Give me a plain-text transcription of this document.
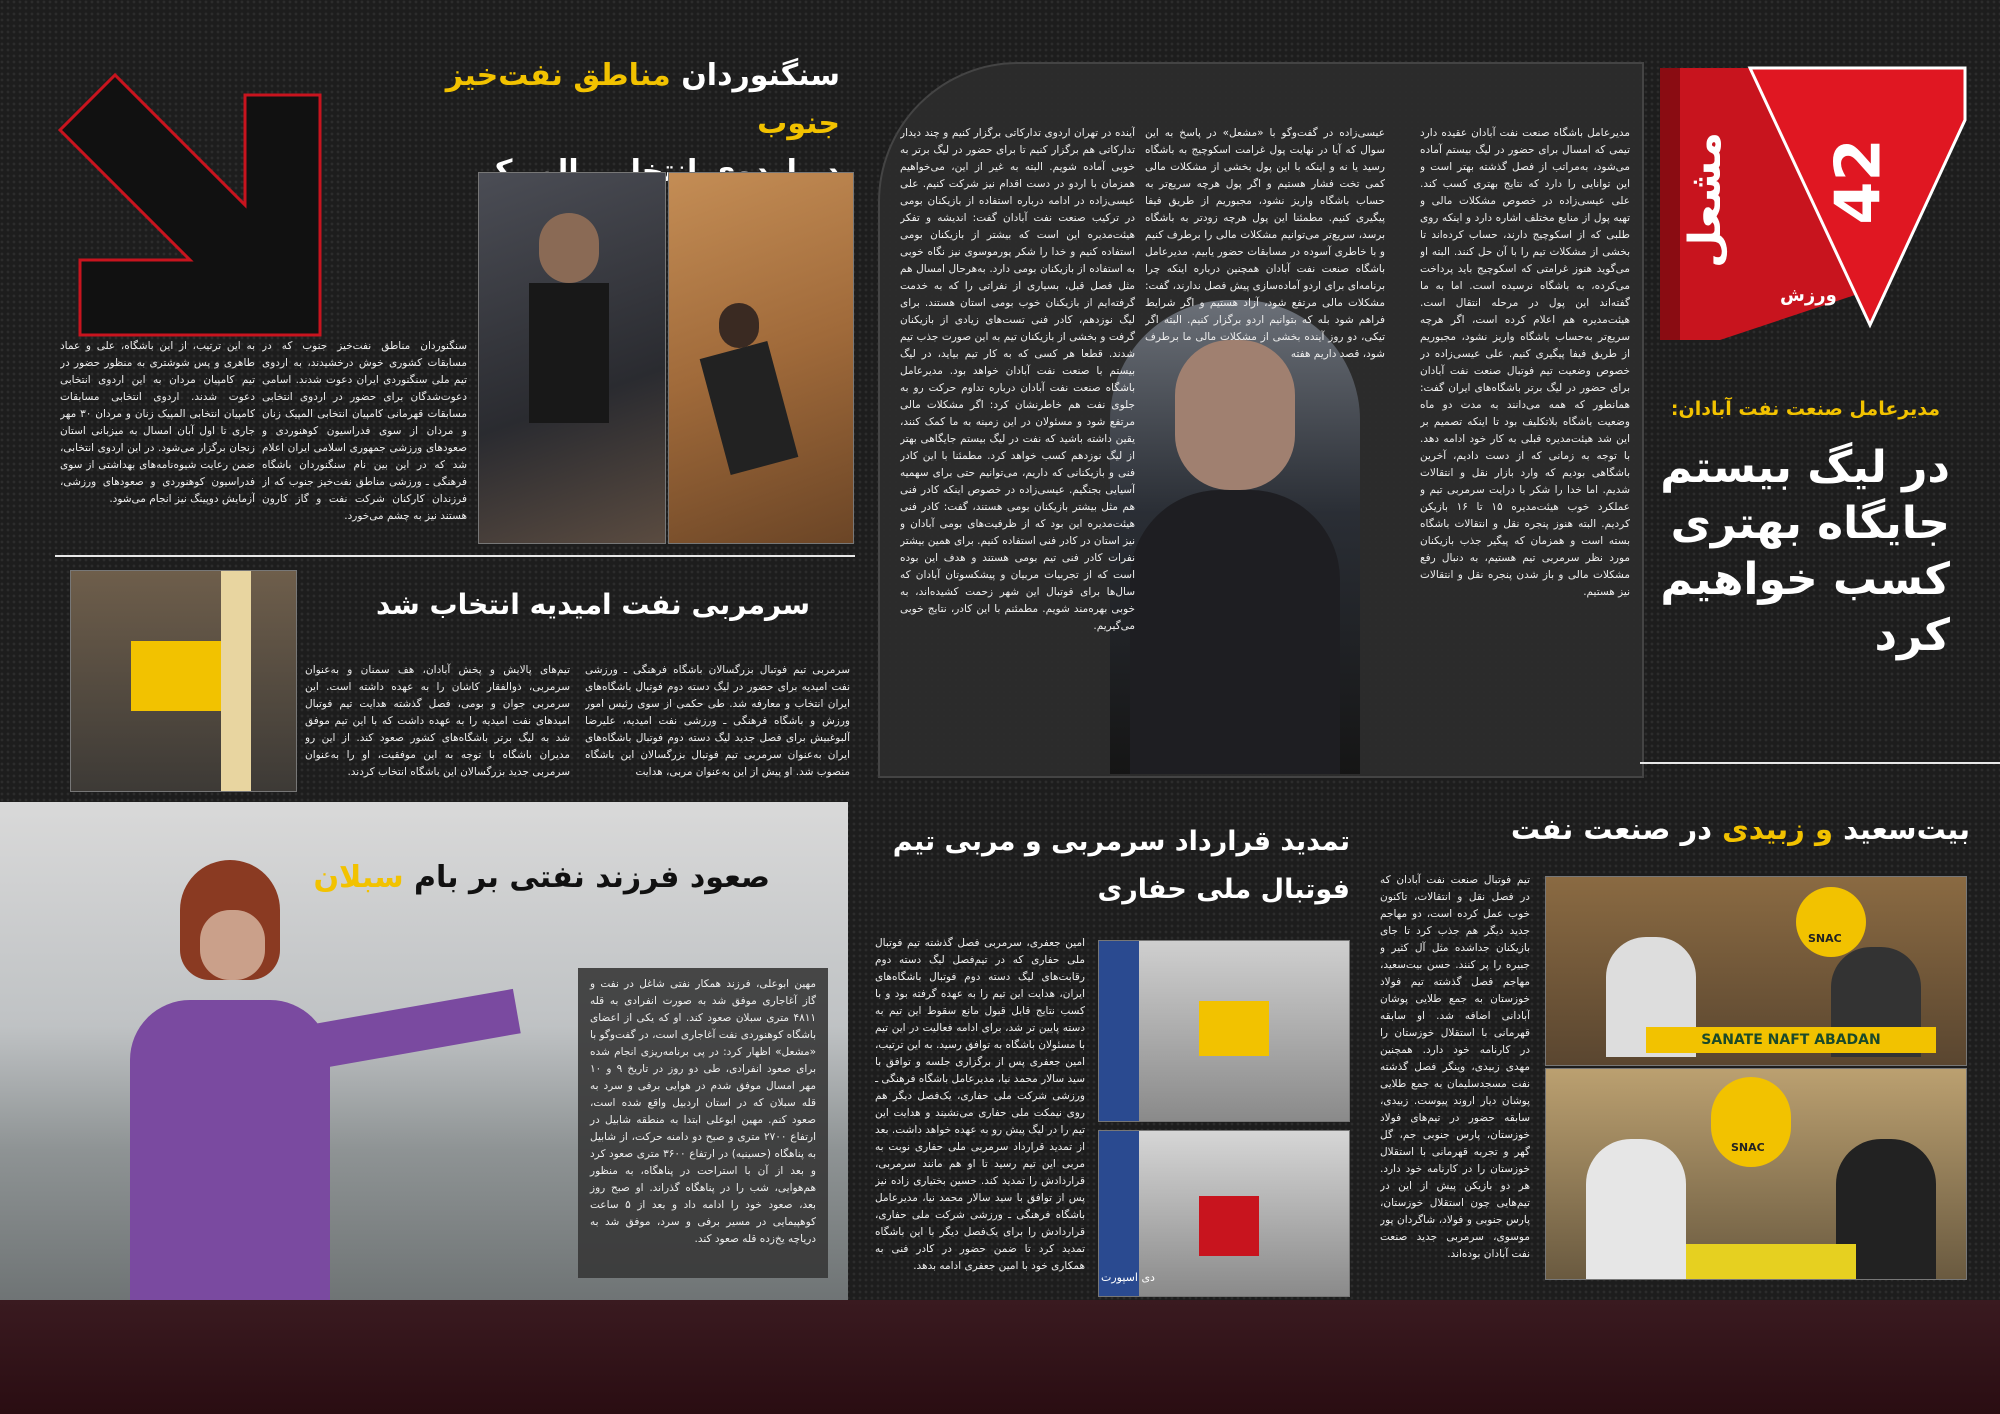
مشعل	42
ورزش
مدیرعامل باشگاه صنعت نفت آبادان عقیده دارد تیمی که امسال برای حضور در لیگ بیستم آماده می‌شود، به‌مراتب از فصل گذشته بهتر است و این توانایی را دارد که نتایج بهتری کسب کند. علی عیسی‌زاده در خصوص مشکلات مالی و تهیه پول از منابع مختلف اشاره دارد و اینکه روی طلبی که از اسکوچیج دارند، حساب کرده‌اند تا بخشی از مشکلات تیم را با آن حل کنند. البته او می‌گوید هنوز غرامتی که اسکوچیج باید پرداخت می‌کرده، به باشگاه نرسیده است. اما به ما گفته‌اند این پول در مرحله انتقال است. هیئت‌مدیره هم اعلام کرده است، اگر هرچه سریع‌تر به‌حساب باشگاه واریز نشود، مجبوریم از طریق فیفا پیگیری کنیم. علی عیسی‌زاده در خصوص وضعیت تیم فوتبال صنعت نفت آبادان برای حضور در لیگ برتر باشگاه‌های ایران گفت: همانطور که همه می‌دانند به مدت دو ماه وضعیت باشگاه بلاتکلیف بود تا اینکه تصمیم بر این شد هیئت‌مدیره قبلی به کار خود ادامه دهد. با توجه به زمانی که از دست دادیم، آخرین باشگاهی بودیم که وارد بازار نقل و انتقالات شدیم. اما خدا را شکر با درایت سرمربی تیم و عملکرد خوب هیئت‌مدیره ۱۵ تا ۱۶ بازیکن کردیم. البته هنوز پنجره نقل و انتقالات باشگاه بسته است و همزمان که پیگیر جذب بازیکنان مورد نظر سرمربی تیم هستیم، به دنبال رفع مشکلات مالی و باز شدن پنجره نقل و انتقالات نیز هستیم.
عیسی‌زاده در گفت‌وگو با «مشعل» در پاسخ به این سوال که آیا در نهایت پول غرامت اسکوچیج به باشگاه رسید یا نه و اینکه با این پول بخشی از مشکلات مالی کمی تخت فشار هستیم و اگر پول هرچه سریع‌تر به حساب باشگاه واریز نشود، مجبوریم از طریق فیفا پیگیری کنیم. مطمئنا این پول هرچه زودتر به باشگاه برسد، سریع‌تر می‌توانیم مشکلات مالی را برطرف کنیم و با خاطری آسوده در مسابقات حضور یابیم. مدیرعامل باشگاه صنعت نفت آبادان همچنین درباره اینکه چرا برنامه‌ای برای اردو آماده‌سازی پیش فصل ندارند، گفت: مشکلات مالی مرتفع شود، آزاد هستیم و اگر شرایط فراهم شود بله که بتوانیم اردو برگزار کنیم. البته اگر تیکی، دو روز آینده بخشی از مشکلات مالی ما برطرف شود، قصد داریم هفته
آینده در تهران اردوی تدارکاتی برگزار کنیم و چند دیدار تدارکاتی هم برگزار کنیم تا برای حضور در لیگ برتر به خوبی آماده شویم. البته به غیر از این، می‌خواهیم همزمان با اردو در دست اقدام نیز شرکت کنیم. علی عیسی‌زاده در ادامه درباره استفاده از بازیکنان بومی در ترکیب صنعت نفت آبادان گفت: اندیشه و تفکر هیئت‌مدیره این است که بیشتر از بازیکنان بومی استفاده کنیم و خدا را شکر پورموسوی نیز نگاه خوبی به استفاده از بازیکنان بومی دارد. به‌هرحال امسال هم مثل فصل قبل، بسیاری از نفراتی را که به خدمت گرفته‌ایم از بازیکنان خوب بومی استان هستند. برای لیگ نوزدهم، کادر فنی تست‌های زیادی از بازیکنان گرفت و بخشی از بازیکنان تیم به این صورت جذب تیم شدند. قطعا هر کسی که به کار تیم بیاید، در لیگ بیستم با صنعت نفت آبادان خواهد بود. مدیرعامل باشگاه صنعت نفت آبادان درباره تداوم حرکت رو به جلوی نفت هم خاطرنشان کرد: اگر مشکلات مالی مرتفع شود و مسئولان در این زمینه به ما کمک کنند، یقین داشته باشید که نفت در لیگ بیستم جایگاهی بهتر از لیگ نوزدهم کسب خواهد کرد. مطمئنا با این کادر فنی و بازیکنانی که داریم، می‌توانیم حتی برای سهمیه آسیایی بجنگیم. عیسی‌زاده در خصوص اینکه کادر فنی هم مثل بیشتر بازیکنان بومی هستند، گفت: کادر فنی هیئت‌مدیره این بود که از ظرفیت‌های بومی آبادان و نیز استان در کادر فنی استفاده کنیم. برای همین بیشتر نفرات کادر فنی تیم بومی هستند و هدف این بوده است که از تجربیات مربیان و پیشکسوتان آبادان که سال‌ها برای فوتبال این شهر زحمت کشیده‌اند، به خوبی بهره‌مند شویم. مطمئنم با این کادر، نتایج خوبی می‌گیریم.
مدیرعامل صنعت نفت آبادان:
در لیگ بیستم
جایگاه بهتری
کسب خواهیم
کرد
سنگنوردان مناطق نفت‌خیز جنوب
سنگنوردان مناطق نفت‌خیز جنوب که در مسابقات کشوری خوش درخشیدند، به اردوی تیم ملی سنگنوردی ایران دعوت شدند. اسامی دعوت‌شدگان برای حضور در اردوی انتخابی مسابقات قهرمانی کامپیان انتخابی المپیک زنان و مردان از سوی فدراسیون کوهنوردی و صعودهای ورزشی جمهوری اسلامی ایران اعلام شد که در این بین نام سنگنوردان باشگاه فرهنگی ـ ورزشی مناطق نفت‌خیز جنوب که از فرزندان کارکنان شرکت نفت و گاز کارون هستند نیز به چشم می‌خورد.
به این ترتیب، از این باشگاه، علی و عماد طاهری و پس شوشتری به منظور حضور در تیم کامپیان مردان به این اردوی انتخابی دعوت شدند. اردوی انتخابی مسابقات کامپیان انتخابی المپیک زنان و مردان ۳۰ مهر جاری تا اول آبان امسال به میزبانی استان زنجان برگزار می‌شود. در این اردوی انتخابی، ضمن رعایت شیوه‌نامه‌های بهداشتی از سوی فدراسیون کوهنوردی و صعودهای ورزشی، آزمایش دوپینگ نیز انجام می‌شود.
سرمربی نفت امیدیه انتخاب شد
سرمربی تیم فوتبال بزرگسالان باشگاه فرهنگی ـ ورزشی نفت امیدیه برای حضور در لیگ دسته دوم فوتبال باشگاه‌های ایران انتخاب و معارفه شد. طی حکمی از سوی رئیس امور ورزش و باشگاه فرهنگی ـ ورزشی نفت امیدیه، علیرضا آلبوغبیش برای فصل جدید لیگ دسته دوم فوتبال باشگاه‌های ایران به‌عنوان سرمربی تیم فوتبال بزرگسالان این باشگاه منصوب شد. او پیش از این به‌عنوان مربی، هدایت
تیم‌های پالایش و پخش آبادان، هف سمنان و به‌عنوان سرمربی، ذوالفقار کاشان را به عهده داشته است. این سرمربی جوان و بومی، فصل گذشته هدایت تیم فوتبال امیدهای نفت امیدیه را به عهده داشت که با این تیم موفق شد به لیگ برتر باشگاه‌های کشور صعود کند. از این رو مدیران باشگاه با توجه به این موفقیت، او را به‌عنوان سرمربی جدید بزرگسالان این باشگاه انتخاب کردند.
صعود فرزند نفتی بر بام سبلان
مهین ابوعلی، فرزند همکار نفتی شاغل در نفت و گاز آغاجاری موفق شد به صورت انفرادی به قله ۴۸۱۱ متری سبلان صعود کند. او که یکی از اعضای باشگاه کوهنوردی نفت آغاجاری است، در گفت‌وگو با «مشعل» اظهار کرد: در پی برنامه‌ریزی انجام شده برای صعود انفرادی، طی دو روز در تاریخ ۹ و ۱۰ مهر امسال موفق شدم در هوایی برفی و سرد به قله سبلان که در استان اردبیل واقع شده است، صعود کنم. مهین ابوعلی ابتدا به منطقه شابیل در ارتفاع ۲۷۰۰ متری و صبح دو دامنه حرکت، از شابیل به پناهگاه (حسینیه) در ارتفاع ۳۶۰۰ متری صعود کرد و بعد از آن با استراحت در پناهگاه، به منظور هم‌هوایی، شب را در پناهگاه گذراند. او صبح روز بعد، صعود خود را ادامه داد و بعد از ۵ ساعت کوهپیمایی در مسیر برفی و سرد، موفق شد به دریاچه یخ‌زده قله صعود کند.
تمدید قرارداد سرمربی و مربی تیم
فوتبال ملی حفاری
امین جعفری، سرمربی فصل گذشته تیم فوتبال ملی حفاری که در تیم‌فصل لیگ دسته دوم رقابت‌های لیگ دسته دوم فوتبال باشگاه‌های ایران، هدایت این تیم را به عهده گرفته بود و با کسب نتایج قابل قبول مانع سقوط این تیم به دسته پایین تر شد، برای ادامه فعالیت در این تیم با مسئولان باشگاه به توافق رسید. به این ترتیب، امین جعفری پس از برگزاری جلسه و توافق با سید سالار محمد نیا، مدیرعامل باشگاه فرهنگی ـ ورزشی شرکت ملی حفاری، یک‌فصل دیگر هم روی نیمکت ملی حفاری می‌نشیند و هدایت این تیم را در لیگ پیش رو به عهده خواهد داشت. بعد از تمدید قرارداد سرمربی ملی حفاری نوبت به مربی این تیم رسید تا او هم مانند سرمربی، قراردادش را تمدید کند. حسین بختیاری زاده نیز پس از توافق با سید سالار محمد نیا، مدیرعامل باشگاه فرهنگی ـ ورزشی شرکت ملی حفاری، قراردادش را برای یک‌فصل دیگر با این باشگاه تمدید کرد تا ضمن حضور در کادر فنی به همکاری خود با امین جعفری ادامه بدهد.
دی اسپورت
بیت‌سعید و زبیدی در صنعت نفت
تیم فوتبال صنعت نفت آبادان که در فصل نقل و انتقالات، تاکنون خوب عمل کرده است، دو مهاجم جدید دیگر هم جذب کرد تا جای بازیکنان جداشده مثل آل کثیر و جبیره را پر کنند. حسن بیت‌سعید، مهاجم فصل گذشته تیم فولاد خوزستان به جمع طلایی پوشان آبادانی اضافه شد. او سابقه قهرمانی با استقلال خوزستان را در کارنامه خود دارد. همچنین مهدی زبیدی، وینگر فصل گذشته نفت مسجدسلیمان به جمع طلایی پوشان دیار اروند پیوست. زبیدی، سابقه حضور در تیم‌های فولاد خوزستان، پارس جنوبی جم، گل گهر و تجربه قهرمانی با استقلال خوزستان را در کارنامه خود دارد. هر دو بازیکن پیش از این در تیم‌هایی چون استقلال خوزستان، پارس جنوبی و فولاد، شاگردان پور موسوی، سرمربی جدید صنعت نفت آبادان بوده‌اند.
SNAC
SANATE NAFT ABADAN
SNAC
